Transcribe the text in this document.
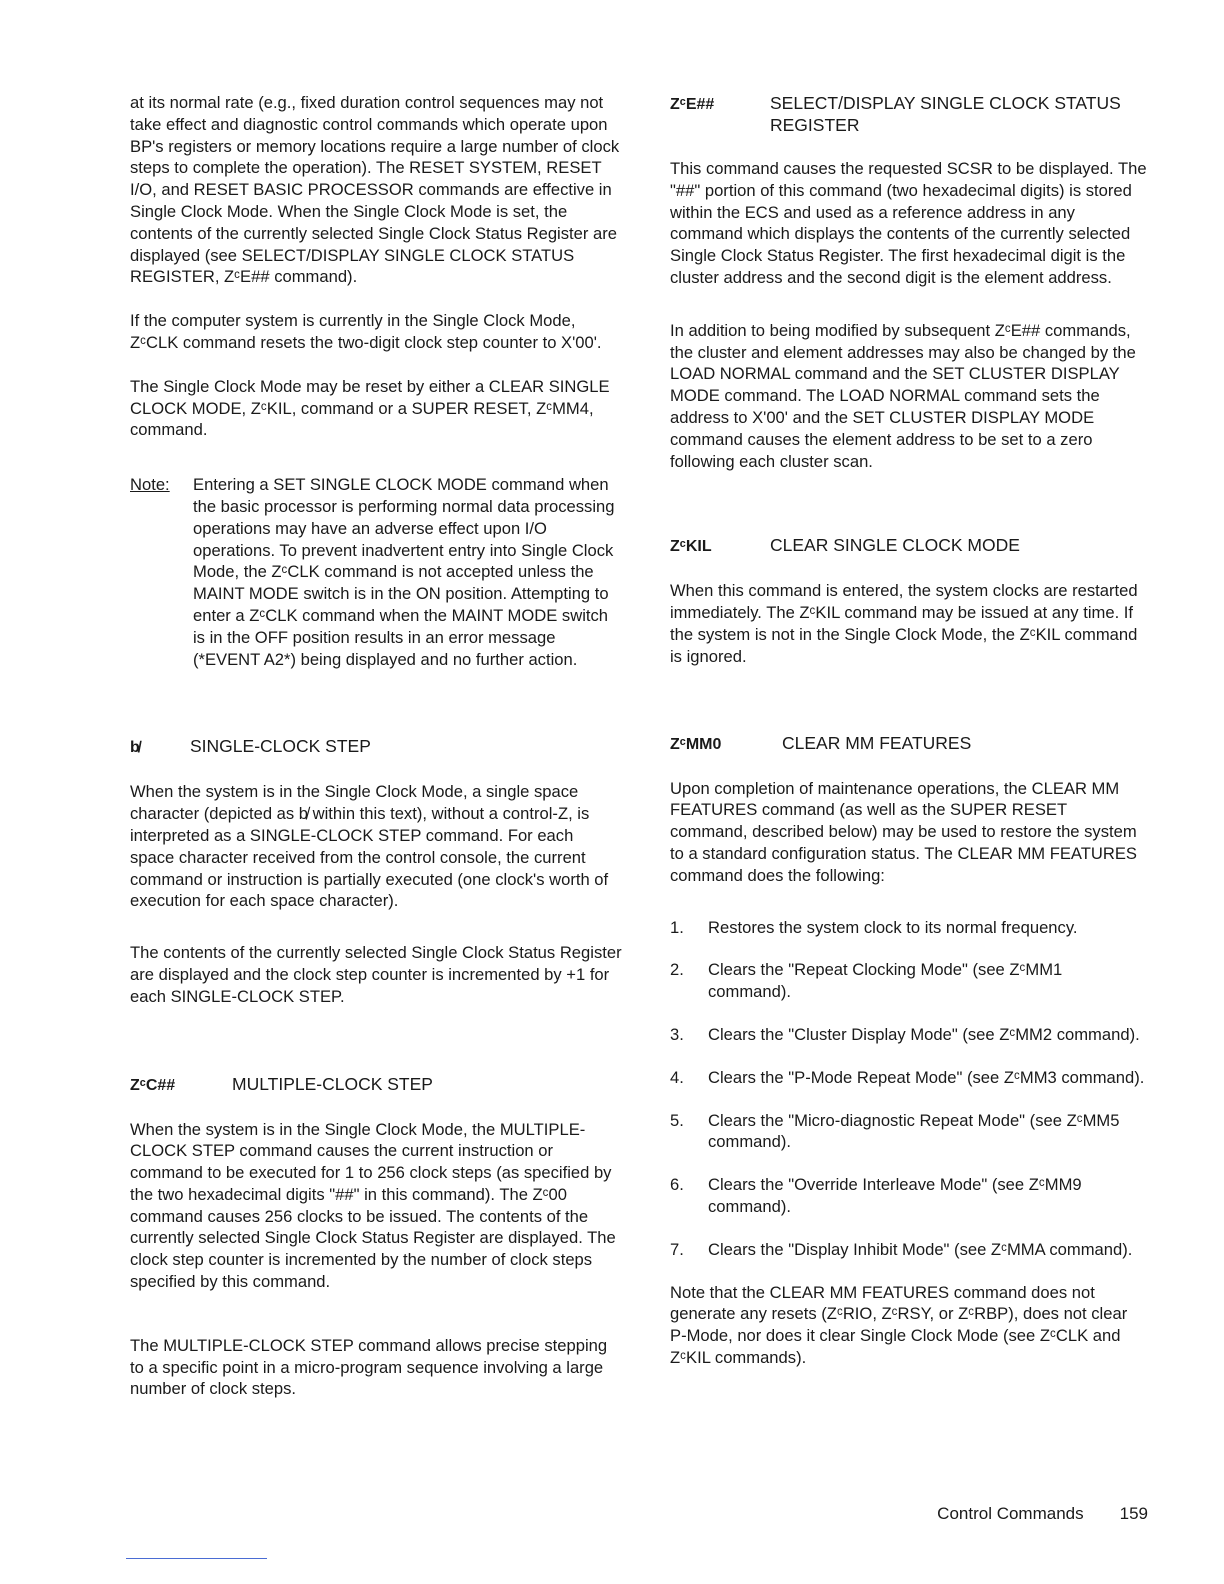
at its normal rate (e.g., fixed duration control sequences may not take effect and diagnostic control commands which operate upon BP's registers or memory locations require a large number of clock steps to complete the operation). The RESET SYSTEM, RESET I/O, and RESET BASIC PROCESSOR commands are effective in Single Clock Mode. When the Single Clock Mode is set, the contents of the currently selected Single Clock Status Register are displayed (see SELECT/DISPLAY SINGLE CLOCK STATUS REGISTER, ZᶜE## command).

If the computer system is currently in the Single Clock Mode, ZᶜCLK command resets the two-digit clock step counter to X'00'.

The Single Clock Mode may be reset by either a CLEAR SINGLE CLOCK MODE, ZᶜKIL, command or a SUPER RESET, ZᶜMM4, command.

Note:	Entering a SET SINGLE CLOCK MODE command when the basic processor is performing normal data processing operations may have an adverse effect upon I/O operations. To prevent inadvertent entry into Single Clock Mode, the ZᶜCLK command is not accepted unless the MAINT MODE switch is in the ON position. Attempting to enter a ZᶜCLK command when the MAINT MODE switch is in the OFF position results in an error message (*EVENT A2*) being displayed and no further action.

b̸	SINGLE-CLOCK STEP

When the system is in the Single Clock Mode, a single space character (depicted as b̸ within this text), without a control-Z, is interpreted as a SINGLE-CLOCK STEP command. For each space character received from the control console, the current command or instruction is partially executed (one clock's worth of execution for each space character).

The contents of the currently selected Single Clock Status Register are displayed and the clock step counter is incremented by +1 for each SINGLE-CLOCK STEP.

ZᶜC##	MULTIPLE-CLOCK STEP

When the system is in the Single Clock Mode, the MULTIPLE-CLOCK STEP command causes the current instruction or command to be executed for 1 to 256 clock steps (as specified by the two hexadecimal digits "##" in this command). The Zᶜ00 command causes 256 clocks to be issued. The contents of the currently selected Single Clock Status Register are displayed. The clock step counter is incremented by the number of clock steps specified by this command.

The MULTIPLE-CLOCK STEP command allows precise stepping to a specific point in a micro-program sequence involving a large number of clock steps.

ZᶜE##	SELECT/DISPLAY SINGLE CLOCK STATUS REGISTER

This command causes the requested SCSR to be displayed. The "##" portion of this command (two hexadecimal digits) is stored within the ECS and used as a reference address in any command which displays the contents of the currently selected Single Clock Status Register. The first hexadecimal digit is the cluster address and the second digit is the element address.

In addition to being modified by subsequent ZᶜE## commands, the cluster and element addresses may also be changed by the LOAD NORMAL command and the SET CLUSTER DISPLAY MODE command. The LOAD NORMAL command sets the address to X'00' and the SET CLUSTER DISPLAY MODE command causes the element address to be set to a zero following each cluster scan.

ZᶜKIL	CLEAR SINGLE CLOCK MODE

When this command is entered, the system clocks are restarted immediately. The ZᶜKIL command may be issued at any time. If the system is not in the Single Clock Mode, the ZᶜKIL command is ignored.

ZᶜMM0	CLEAR MM FEATURES

Upon completion of maintenance operations, the CLEAR MM FEATURES command (as well as the SUPER RESET command, described below) may be used to restore the system to a standard configuration status. The CLEAR MM FEATURES command does the following:

1.	Restores the system clock to its normal frequency.
2.	Clears the "Repeat Clocking Mode" (see ZᶜMM1 command).
3.	Clears the "Cluster Display Mode" (see ZᶜMM2 command).
4.	Clears the "P-Mode Repeat Mode" (see ZᶜMM3 command).
5.	Clears the "Micro-diagnostic Repeat Mode" (see ZᶜMM5 command).
6.	Clears the "Override Interleave Mode" (see ZᶜMM9 command).
7.	Clears the "Display Inhibit Mode" (see ZᶜMMA command).

Note that the CLEAR MM FEATURES command does not generate any resets (ZᶜRIO, ZᶜRSY, or ZᶜRBP), does not clear P-Mode, nor does it clear Single Clock Mode (see ZᶜCLK and ZᶜKIL commands).

Control Commands 159
